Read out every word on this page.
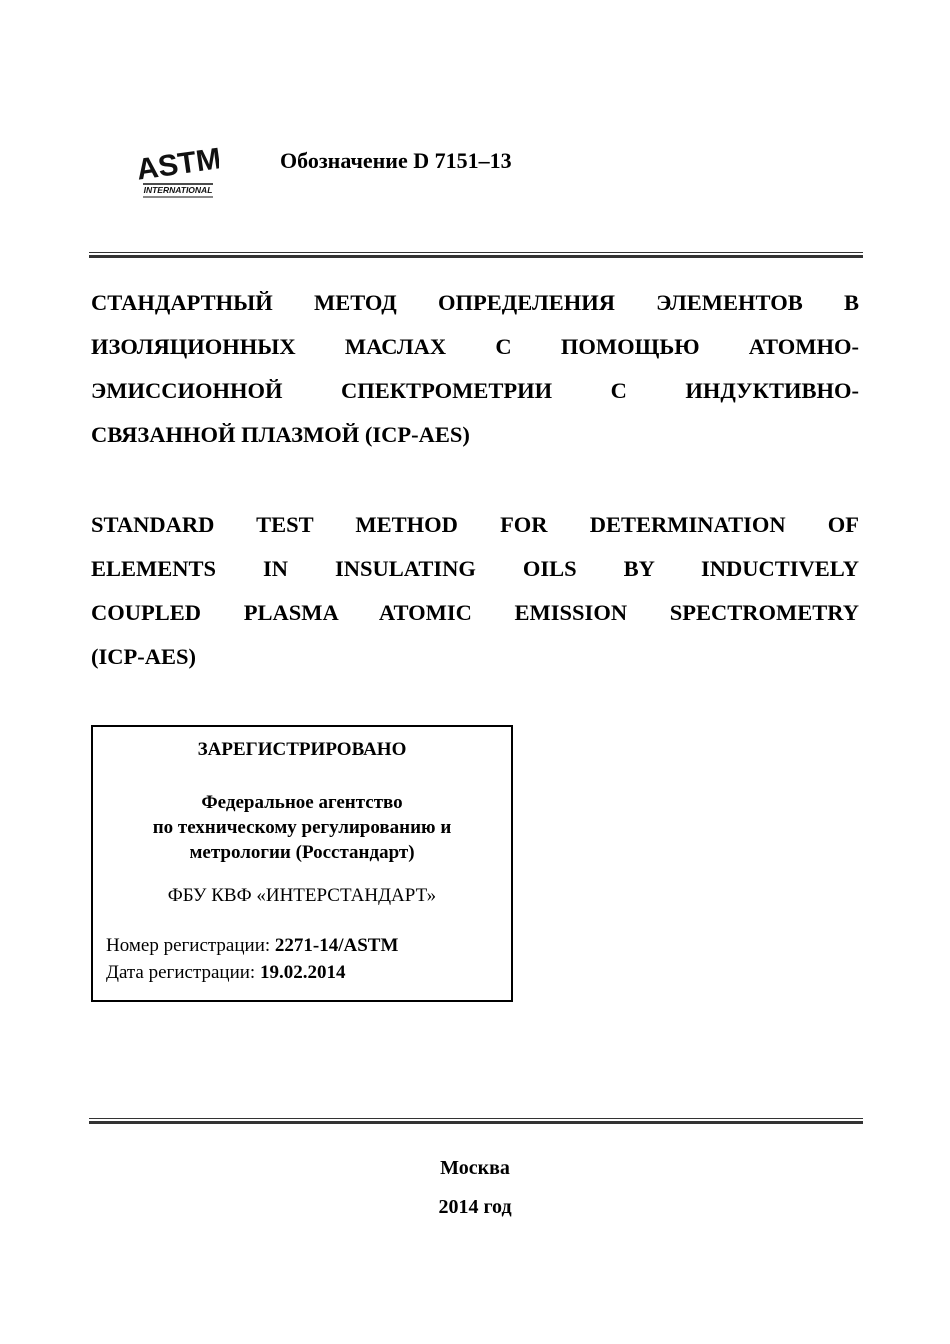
ASTM
INTERNATIONAL
Обозначение D 7151–13
СТАНДАРТНЫЙ МЕТОД ОПРЕДЕЛЕНИЯ ЭЛЕМЕНТОВ В
ИЗОЛЯЦИОННЫХ МАСЛАХ С ПОМОЩЬЮ АТОМНО-
ЭМИССИОННОЙ СПЕКТРОМЕТРИИ С ИНДУКТИВНО-
СВЯЗАННОЙ ПЛАЗМОЙ (ICP-AES)
STANDARD TEST METHOD FOR DETERMINATION OF
ELEMENTS IN INSULATING OILS BY INDUCTIVELY
COUPLED PLASMA ATOMIC EMISSION SPECTROMETRY
(ICP-AES)
ЗАРЕГИСТРИРОВАНО
Федеральное агентство
по техническому регулированию и
метрологии (Росстандарт)
ФБУ КВФ «ИНТЕРСТАНДАРТ»
Номер регистрации: 2271-14/ASTM
Дата регистрации: 19.02.2014
Москва
2014 год
